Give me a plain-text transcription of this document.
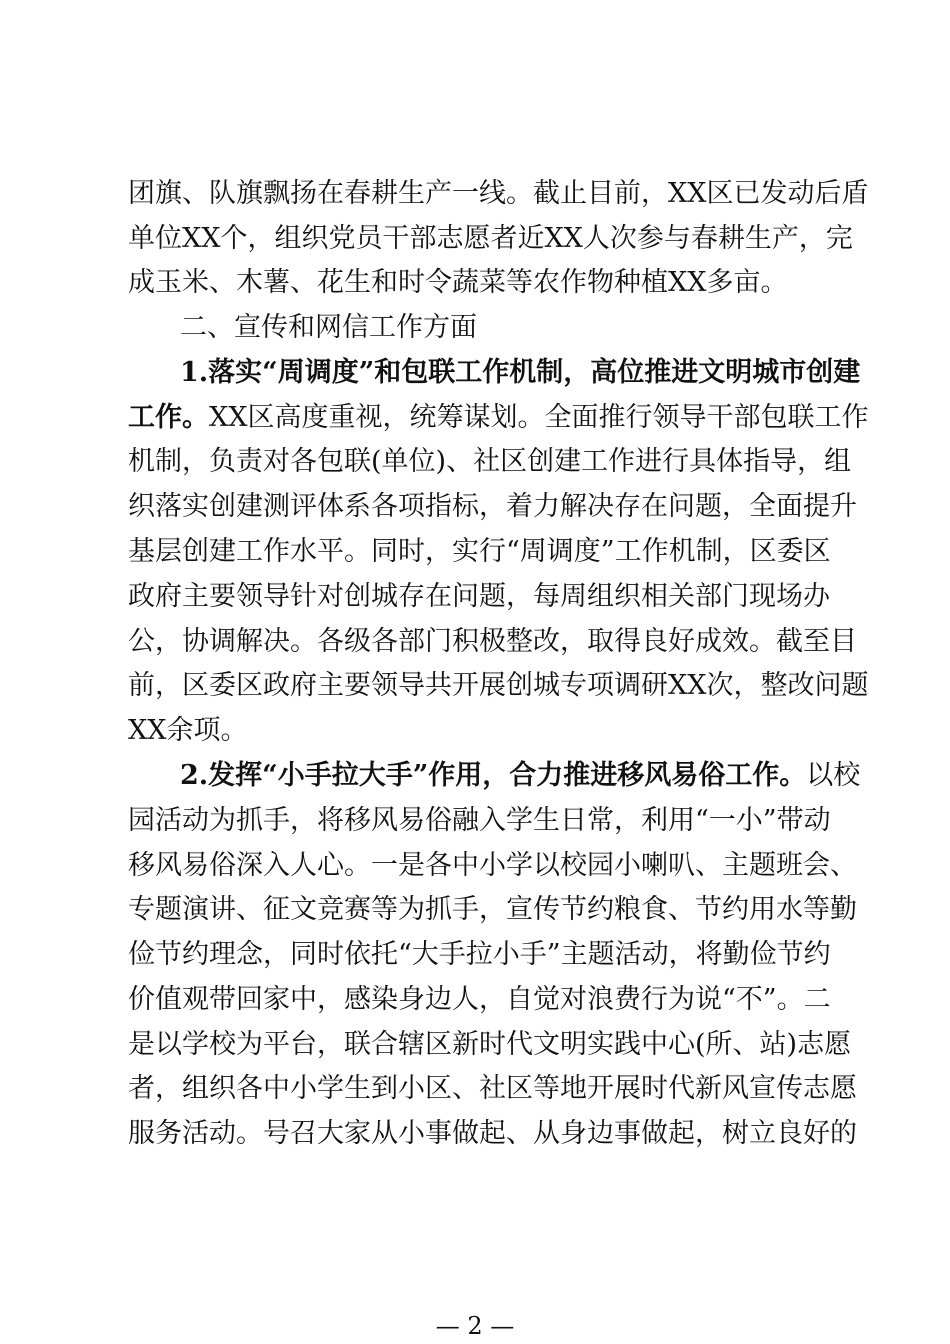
团旗、队旗飘扬在春耕生产一线。截止目前，XX区已发动后盾
单位XX个，组织党员干部志愿者近XX人次参与春耕生产，完
成玉米、木薯、花生和时令蔬菜等农作物种植XX多亩。
二、宣传和网信工作方面
1.落实“周调度”和包联工作机制，高位推进文明城市创建
工作。XX区高度重视，统筹谋划。全面推行领导干部包联工作
机制，负责对各包联(单位)、社区创建工作进行具体指导，组
织落实创建测评体系各项指标，着力解决存在问题，全面提升
基层创建工作水平。同时，实行“周调度”工作机制，区委区
政府主要领导针对创城存在问题，每周组织相关部门现场办
公，协调解决。各级各部门积极整改，取得良好成效。截至目
前，区委区政府主要领导共开展创城专项调研XX次，整改问题
XX余项。
2.发挥“小手拉大手”作用，合力推进移风易俗工作。以校
园活动为抓手，将移风易俗融入学生日常，利用“一小”带动
移风易俗深入人心。一是各中小学以校园小喇叭、主题班会、
专题演讲、征文竞赛等为抓手，宣传节约粮食、节约用水等勤
俭节约理念，同时依托“大手拉小手”主题活动，将勤俭节约
价值观带回家中，感染身边人，自觉对浪费行为说“不”。二
是以学校为平台，联合辖区新时代文明实践中心(所、站)志愿
者，组织各中小学生到小区、社区等地开展时代新风宣传志愿
服务活动。号召大家从小事做起、从身边事做起，树立良好的
— 2 —
